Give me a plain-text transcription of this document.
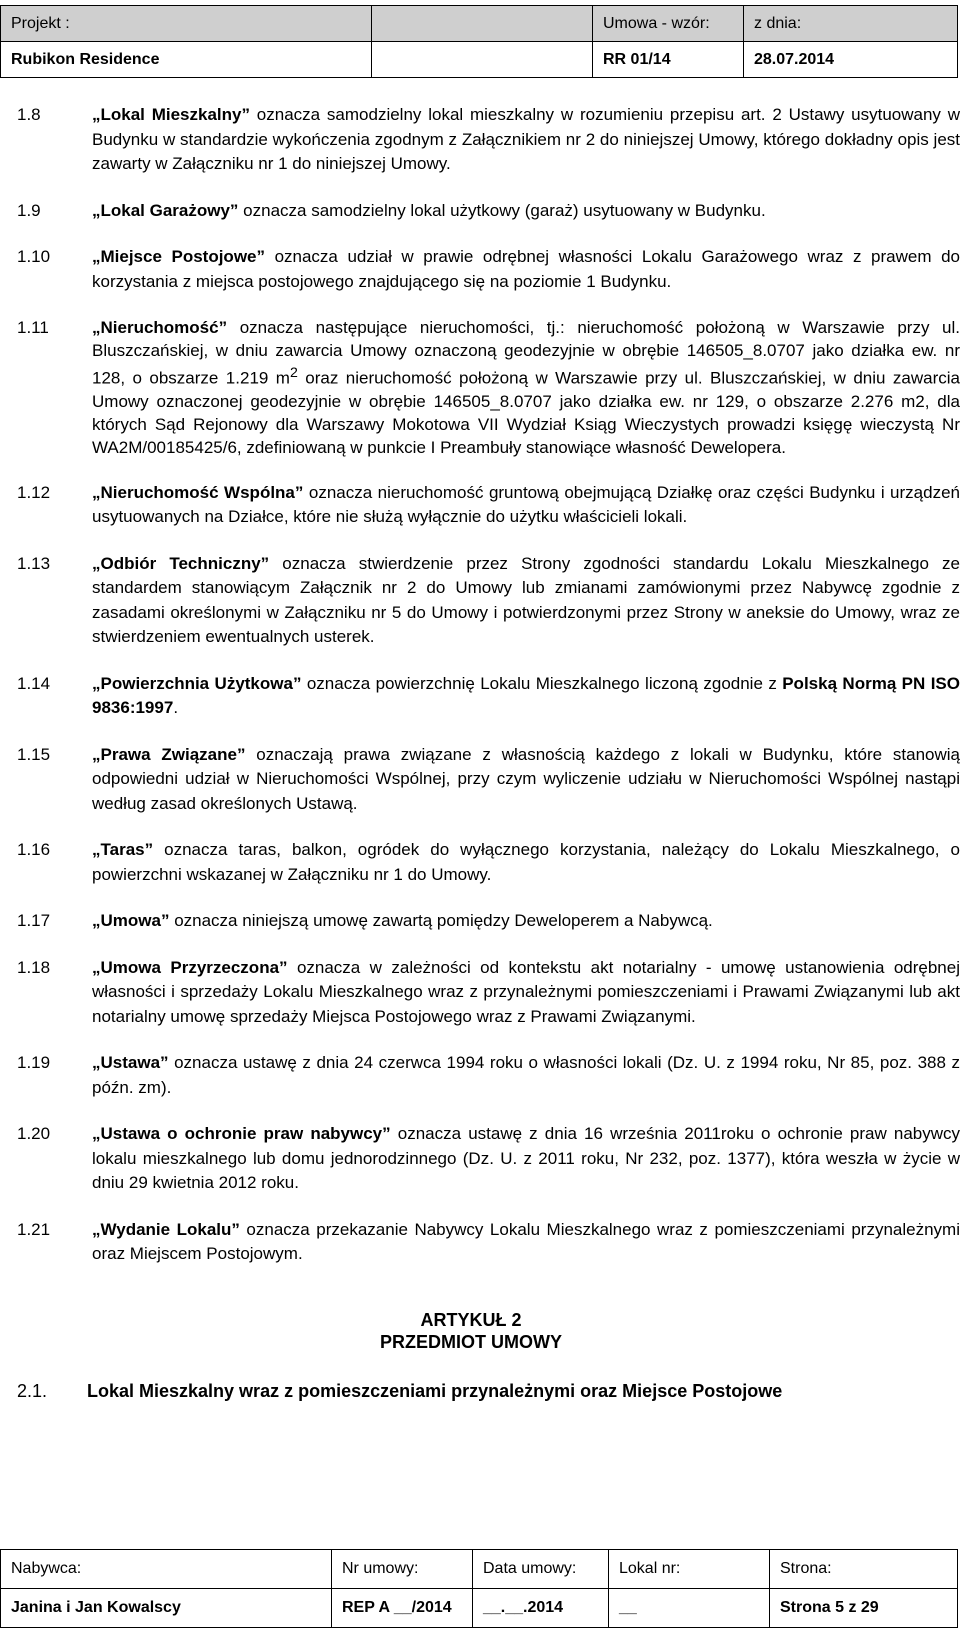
Projekt :		Umowa - wzór:	z dnia:
Rubikon Residence		RR 01/14	28.07.2014
1.8	„Lokal Mieszkalny” oznacza samodzielny lokal mieszkalny w rozumieniu przepisu art. 2 Ustawy usytuowany w Budynku w standardzie wykończenia zgodnym z Załącznikiem nr 2 do niniejszej Umowy, którego dokładny opis jest zawarty w Załączniku nr 1 do niniejszej Umowy.
1.9	„Lokal Garażowy” oznacza samodzielny lokal użytkowy (garaż) usytuowany w Budynku.
1.10	„Miejsce Postojowe” oznacza udział w prawie odrębnej własności Lokalu Garażowego wraz z prawem do korzystania z miejsca postojowego znajdującego się na poziomie 1 Budynku.
1.11	„Nieruchomość” oznacza następujące nieruchomości, tj.: nieruchomość położoną w Warszawie przy ul. Bluszczańskiej, w dniu zawarcia Umowy oznaczoną geodezyjnie w obrębie 146505_8.0707 jako działka ew. nr 128, o obszarze 1.219 $m^2$ oraz nieruchomość położoną w Warszawie przy ul. Bluszczańskiej, w dniu zawarcia Umowy oznaczonej geodezyjnie w obrębie 146505_8.0707 jako działka ew. nr 129, o obszarze 2.276 m2, dla których Sąd Rejonowy dla Warszawy Mokotowa VII Wydział Ksiąg Wieczystych prowadzi księgę wieczystą Nr WA2M/00185425/6, zdefiniowaną w punkcie I Preambuły stanowiące własność Dewelopera.
1.12	„Nieruchomość Wspólna” oznacza nieruchomość gruntową obejmującą Działkę oraz części Budynku i urządzeń usytuowanych na Działce, które nie służą wyłącznie do użytku właścicieli lokali.
1.13	„Odbiór Techniczny” oznacza stwierdzenie przez Strony zgodności standardu Lokalu Mieszkalnego ze standardem stanowiącym Załącznik nr 2 do Umowy lub zmianami zamówionymi przez Nabywcę zgodnie z zasadami określonymi w Załączniku nr 5 do Umowy i potwierdzonymi przez Strony w aneksie do Umowy, wraz ze stwierdzeniem ewentualnych usterek.
1.14	„Powierzchnia Użytkowa” oznacza powierzchnię Lokalu Mieszkalnego liczoną zgodnie z Polską Normą PN ISO 9836:1997.
1.15	„Prawa Związane” oznaczają prawa związane z własnością każdego z lokali w Budynku, które stanowią odpowiedni udział w Nieruchomości Wspólnej, przy czym wyliczenie udziału w Nieruchomości Wspólnej nastąpi według zasad określonych Ustawą.
1.16	„Taras” oznacza taras, balkon, ogródek do wyłącznego korzystania, należący do Lokalu Mieszkalnego, o powierzchni wskazanej w Załączniku nr 1 do Umowy.
1.17	„Umowa” oznacza niniejszą umowę zawartą pomiędzy Deweloperem a Nabywcą.
1.18	„Umowa Przyrzeczona” oznacza w zależności od kontekstu akt notarialny - umowę ustanowienia odrębnej własności i sprzedaży Lokalu Mieszkalnego wraz z przynależnymi pomieszczeniami i Prawami Związanymi lub akt notarialny umowę sprzedaży Miejsca Postojowego wraz z Prawami Związanymi.
1.19	„Ustawa” oznacza ustawę z dnia 24 czerwca 1994 roku o własności lokali (Dz. U. z 1994 roku, Nr 85, poz. 388 z późn. zm).
1.20	„Ustawa o ochronie praw nabywcy” oznacza ustawę z dnia 16 września 2011roku o ochronie praw nabywcy lokalu mieszkalnego lub domu jednorodzinnego (Dz. U. z 2011 roku, Nr 232, poz. 1377), która weszła w życie w dniu 29 kwietnia 2012 roku.
1.21	„Wydanie Lokalu” oznacza przekazanie Nabywcy Lokalu Mieszkalnego wraz z pomieszczeniami przynależnymi oraz Miejscem Postojowym.
ARTYKUŁ 2
PRZEDMIOT UMOWY
2.1.	Lokal Mieszkalny wraz z pomieszczeniami przynależnymi oraz Miejsce Postojowe
Nabywca:	Nr umowy:	Data umowy:	Lokal nr:	Strona:
Janina i Jan Kowalscy	REP A __/2014	__.__.2014	__	Strona 5 z 29
